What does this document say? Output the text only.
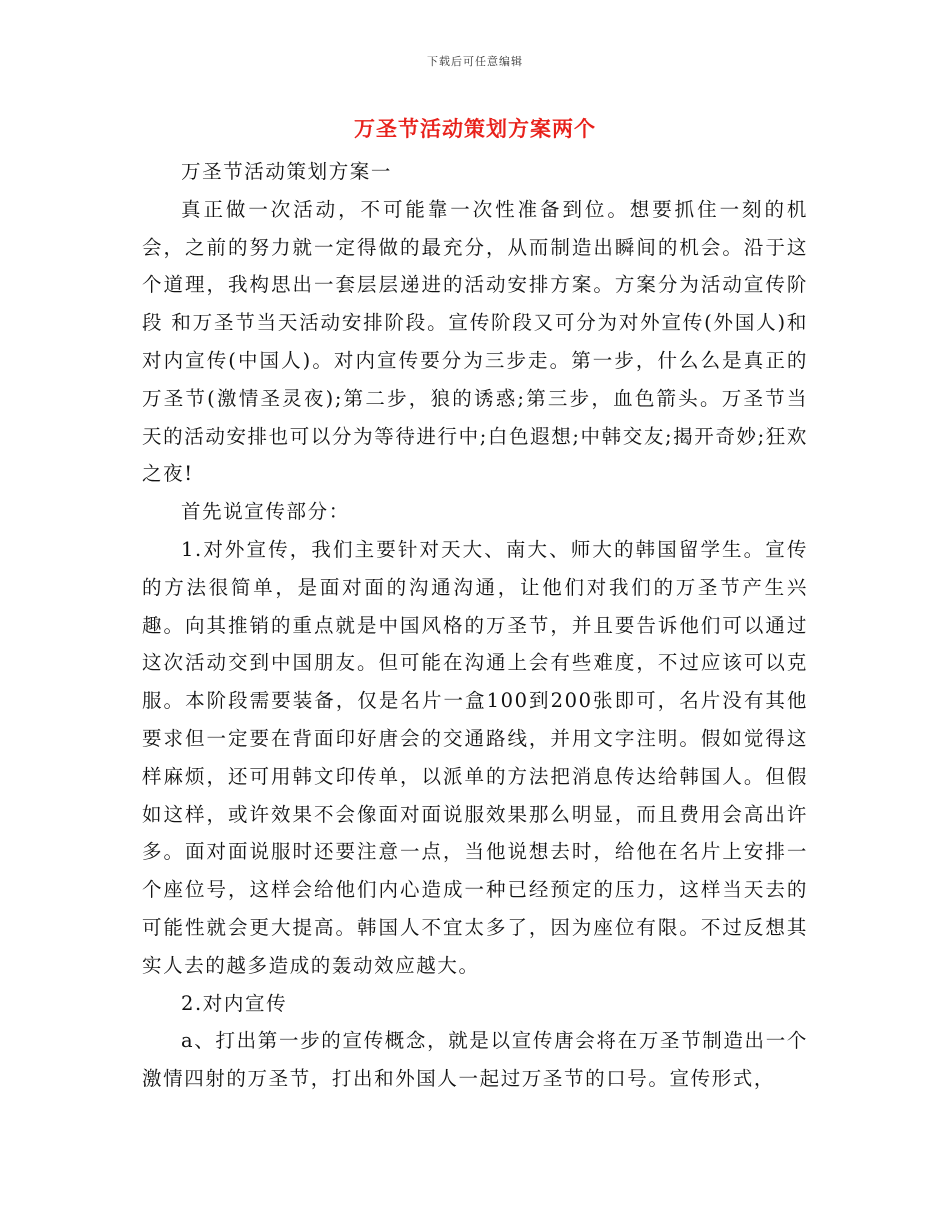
下载后可任意编辑
万圣节活动策划方案两个

万圣节活动策划方案一

真正做一次活动，不可能靠一次性准备到位。想要抓住一刻的机会，之前的努力就一定得做的最充分，从而制造出瞬间的机会。沿于这个道理，我构思出一套层层递进的活动安排方案。方案分为活动宣传阶段 和万圣节当天活动安排阶段。宣传阶段又可分为对外宣传(外国人)和对内宣传(中国人)。对内宣传要分为三步走。第一步，什么么是真正的万圣节(激情圣灵夜);第二步，狼的诱惑;第三步，血色箭头。万圣节当天的活动安排也可以分为等待进行中;白色遐想;中韩交友;揭开奇妙;狂欢之夜!

首先说宣传部分：

1.对外宣传，我们主要针对天大、南大、师大的韩国留学生。宣传的方法很简单，是面对面的沟通沟通，让他们对我们的万圣节产生兴趣。向其推销的重点就是中国风格的万圣节，并且要告诉他们可以通过这次活动交到中国朋友。但可能在沟通上会有些难度，不过应该可以克服。本阶段需要装备，仅是名片一盒100到200张即可，名片没有其他要求但一定要在背面印好唐会的交通路线，并用文字注明。假如觉得这样麻烦，还可用韩文印传单，以派单的方法把消息传达给韩国人。但假如这样，或许效果不会像面对面说服效果那么明显，而且费用会高出许多。面对面说服时还要注意一点，当他说想去时，给他在名片上安排一个座位号，这样会给他们内心造成一种已经预定的压力，这样当天去的可能性就会更大提高。韩国人不宜太多了，因为座位有限。不过反想其实人去的越多造成的轰动效应越大。

2.对内宣传

a、打出第一步的宣传概念，就是以宣传唐会将在万圣节制造出一个激情四射的万圣节，打出和外国人一起过万圣节的口号。宣传形式，
